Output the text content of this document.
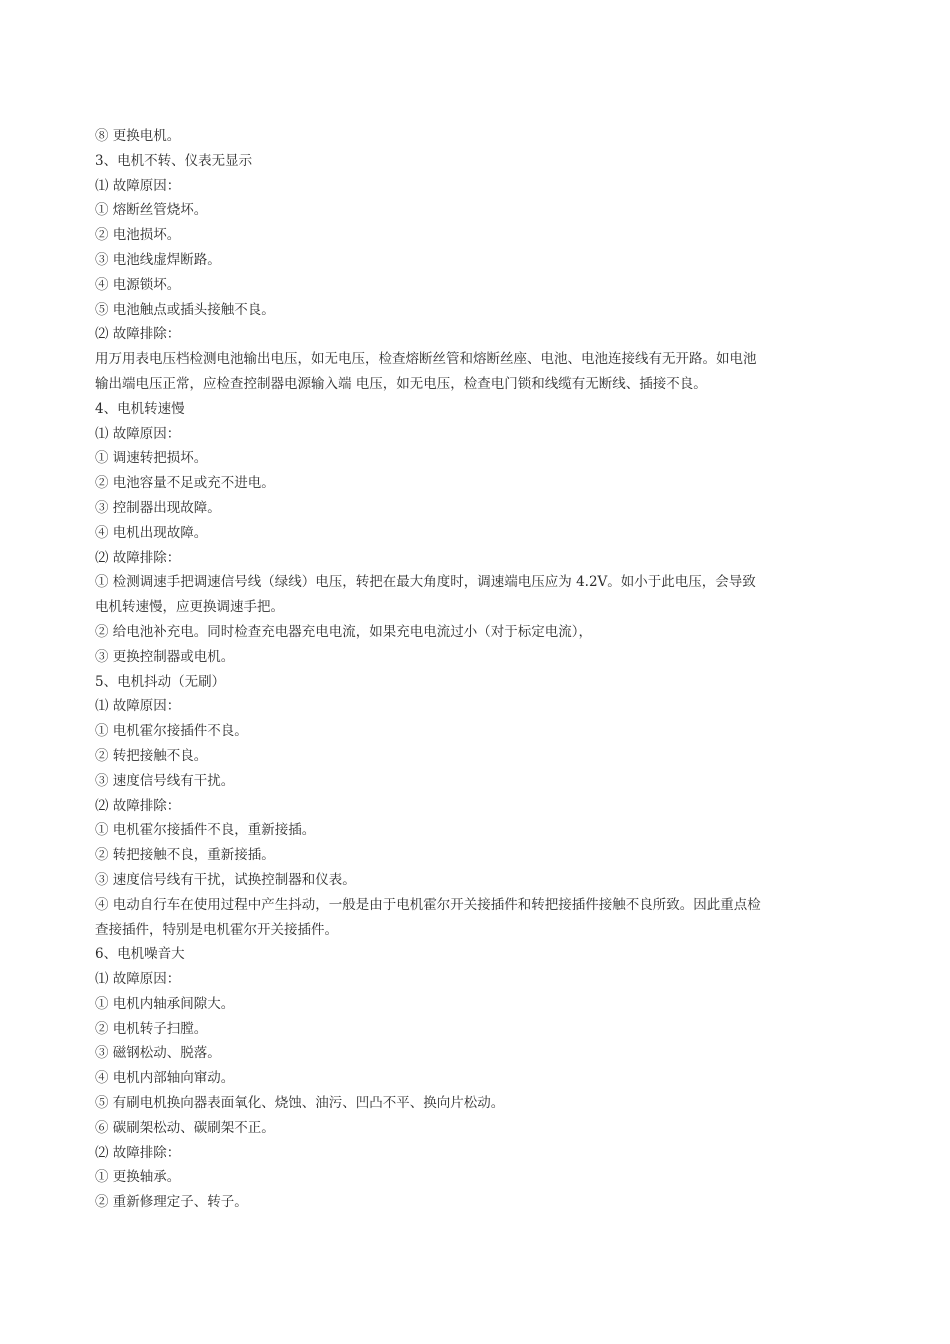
⑧ 更换电机。
3、电机不转、仪表无显示
⑴ 故障原因：
① 熔断丝管烧坏。
② 电池损坏。
③ 电池线虚焊断路。
④ 电源锁坏。
⑤ 电池触点或插头接触不良。
⑵ 故障排除：
用万用表电压档检测电池输出电压，如无电压，检查熔断丝管和熔断丝座、电池、电池连接线有无开路。如电池
输出端电压正常，应检查控制器电源输入端 电压，如无电压，检查电门锁和线缆有无断线、插接不良。
4、电机转速慢
⑴ 故障原因：
① 调速转把损坏。
② 电池容量不足或充不进电。
③ 控制器出现故障。
④ 电机出现故障。
⑵ 故障排除：
① 检测调速手把调速信号线（绿线）电压，转把在最大角度时，调速端电压应为 4.2V。如小于此电压，会导致
电机转速慢，应更换调速手把。
② 给电池补充电。同时检查充电器充电电流，如果充电电流过小（对于标定电流），
③ 更换控制器或电机。
5、电机抖动（无刷）
⑴ 故障原因：
① 电机霍尔接插件不良。
② 转把接触不良。
③ 速度信号线有干扰。
⑵ 故障排除：
① 电机霍尔接插件不良，重新接插。
② 转把接触不良，重新接插。
③ 速度信号线有干扰，试换控制器和仪表。
④ 电动自行车在使用过程中产生抖动，一般是由于电机霍尔开关接插件和转把接插件接触不良所致。因此重点检
查接插件，特别是电机霍尔开关接插件。
6、电机噪音大
⑴ 故障原因：
① 电机内轴承间隙大。
② 电机转子扫膛。
③ 磁钢松动、脱落。
④ 电机内部轴向窜动。
⑤ 有刷电机换向器表面氧化、烧蚀、油污、凹凸不平、换向片松动。
⑥ 碳刷架松动、碳刷架不正。
⑵ 故障排除：
① 更换轴承。
② 重新修理定子、转子。
